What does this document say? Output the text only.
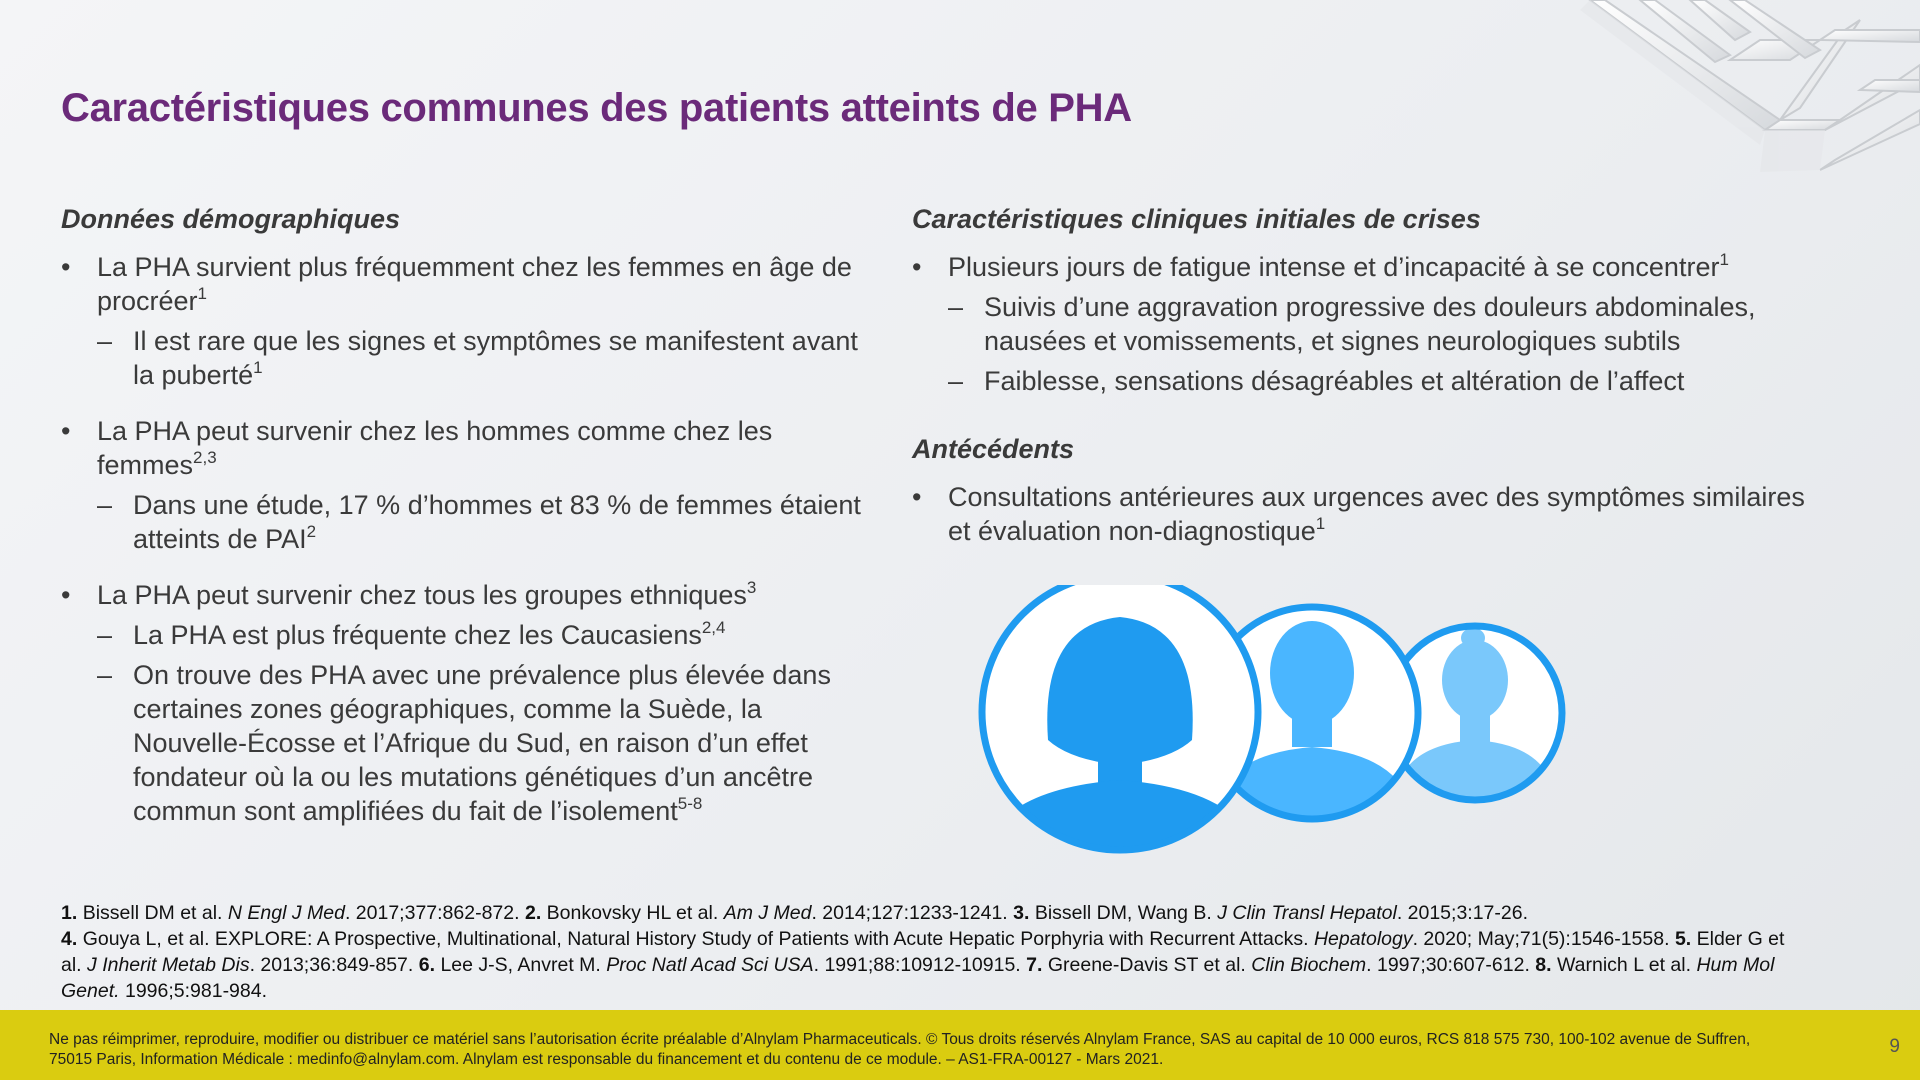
Caractéristiques communes des patients atteints de PHA

Données démographiques

• La PHA survient plus fréquemment chez les femmes en âge de procréer$^1$

– Il est rare que les signes et symptômes se manifestent avant la puberté$^1$

• La PHA peut survenir chez les hommes comme chez les femmes$^{2,3}$

– Dans une étude, 17 % d’hommes et 83 % de femmes étaient atteints de PAI$^2$

• La PHA peut survenir chez tous les groupes ethniques$^3$

– La PHA est plus fréquente chez les Caucasiens$^{2,4}$

– On trouve des PHA avec une prévalence plus élevée dans certaines zones géographiques, comme la Suède, la Nouvelle-Écosse et l’Afrique du Sud, en raison d’un effet fondateur où la ou les mutations génétiques d’un ancêtre commun sont amplifiées du fait de l’isolement$^{5-8}$

Caractéristiques cliniques initiales de crises

• Plusieurs jours de fatigue intense et d’incapacité à se concentrer$^1$

– Suivis d’une aggravation progressive des douleurs abdominales, nausées et vomissements, et signes neurologiques subtils

– Faiblesse, sensations désagréables et altération de l’affect

Antécédents

• Consultations antérieures aux urgences avec des symptômes similaires et évaluation non-diagnostique$^1$

1. Bissell DM et al. N Engl J Med. 2017;377:862-872. 2. Bonkovsky HL et al. Am J Med. 2014;127:1233-1241. 3. Bissell DM, Wang B. J Clin Transl Hepatol. 2015;3:17-26.
4. Gouya L, et al. EXPLORE: A Prospective, Multinational, Natural History Study of Patients with Acute Hepatic Porphyria with Recurrent Attacks. Hepatology. 2020; May;71(5):1546-1558. 5. Elder G et al. J Inherit Metab Dis. 2013;36:849-857. 6. Lee J-S, Anvret M. Proc Natl Acad Sci USA. 1991;88:10912-10915. 7. Greene-Davis ST et al. Clin Biochem. 1997;30:607-612. 8. Warnich L et al. Hum Mol Genet. 1996;5:981-984.
Ne pas réimprimer, reproduire, modifier ou distribuer ce matériel sans l’autorisation écrite préalable d’Alnylam Pharmaceuticals. © Tous droits réservés Alnylam France, SAS au capital de 10 000 euros, RCS 818 575 730, 100-102 avenue de Suffren, 75015 Paris, Information Médicale : medinfo@alnylam.com. Alnylam est responsable du financement et du contenu de ce module. – AS1-FRA-00127 - Mars 2021.
9
